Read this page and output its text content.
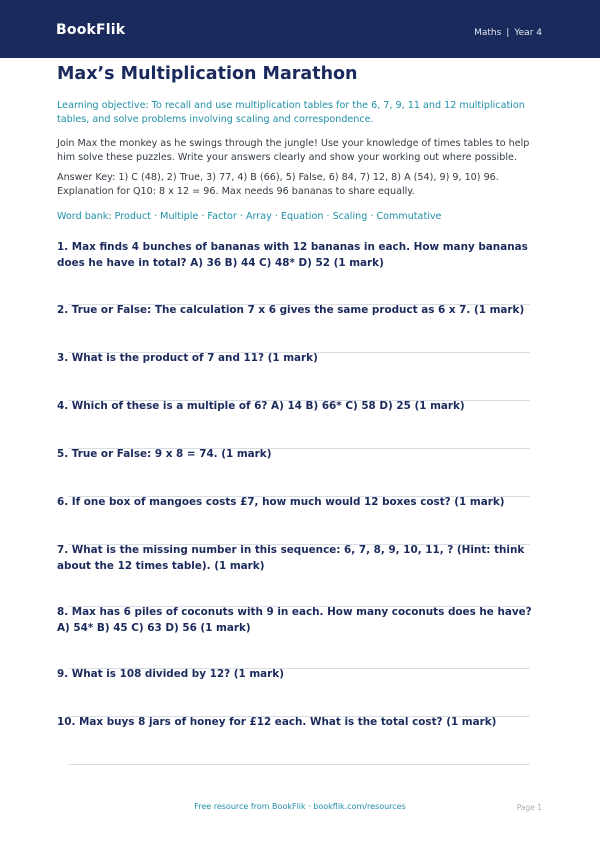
BookFlik	Maths | Year 4
Max’s Multiplication Marathon

Learning objective: To recall and use multiplication tables for the 6, 7, 9, 11 and 12 multiplication tables, and solve problems involving scaling and correspondence.

Join Max the monkey as he swings through the jungle! Use your knowledge of times tables to help him solve these puzzles. Write your answers clearly and show your working out where possible.

Answer Key: 1) C (48), 2) True, 3) 77, 4) B (66), 5) False, 6) 84, 7) 12, 8) A (54), 9) 9, 10) 96. Explanation for Q10: 8 x 12 = 96. Max needs 96 bananas to share equally.

Word bank: Product · Multiple · Factor · Array · Equation · Scaling · Commutative

1. Max finds 4 bunches of bananas with 12 bananas in each. How many bananas does he have in total? A) 36 B) 44 C) 48* D) 52 (1 mark)

2. True or False: The calculation 7 x 6 gives the same product as 6 x 7. (1 mark)

3. What is the product of 7 and 11? (1 mark)

4. Which of these is a multiple of 6? A) 14 B) 66* C) 58 D) 25 (1 mark)

5. True or False: 9 x 8 = 74. (1 mark)

6. If one box of mangoes costs £7, how much would 12 boxes cost? (1 mark)

7. What is the missing number in this sequence: 6, 7, 8, 9, 10, 11, ? (Hint: think about the 12 times table). (1 mark)

8. Max has 6 piles of coconuts with 9 in each. How many coconuts does he have? A) 54* B) 45 C) 63 D) 56 (1 mark)

9. What is 108 divided by 12? (1 mark)

10. Max buys 8 jars of honey for £12 each. What is the total cost? (1 mark)

Free resource from BookFlik · bookflik.com/resources	Page 1
